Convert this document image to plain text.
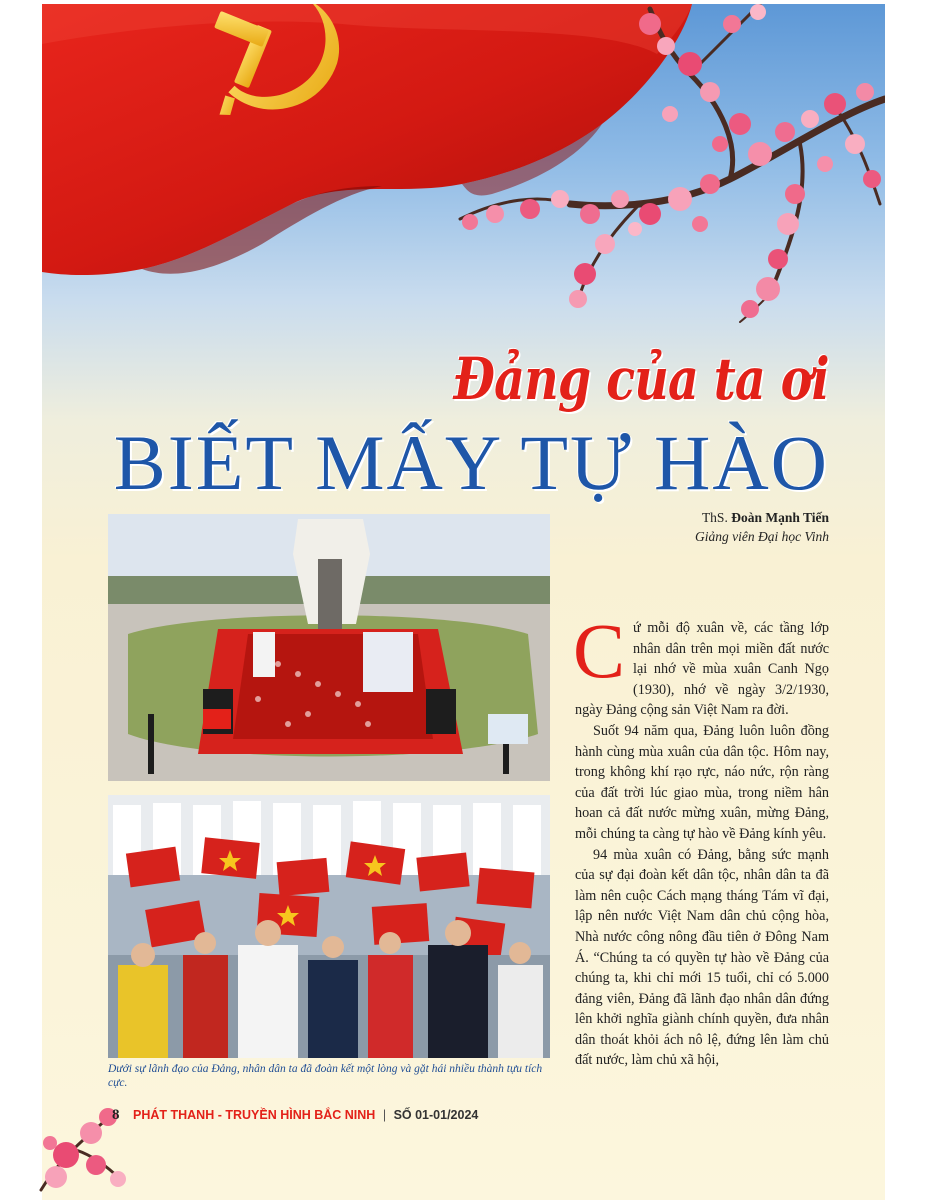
Đảng của ta ơi
BIẾT MẤY TỰ HÀO
ThS. Đoàn Mạnh Tiến
Giảng viên Đại học Vinh
Dưới sự lãnh đạo của Đảng, nhân dân ta đã đoàn kết một lòng và gặt hái nhiều thành tựu tích cực.

Cứ mỗi độ xuân về, các tầng lớp nhân dân trên mọi miền đất nước lại nhớ về mùa xuân Canh Ngọ (1930), nhớ về ngày 3/2/1930, ngày Đảng cộng sản Việt Nam ra đời.

Suốt 94 năm qua, Đảng luôn luôn đồng hành cùng mùa xuân của dân tộc. Hôm nay, trong không khí rạo rực, náo nức, rộn ràng của đất trời lúc giao mùa, trong niềm hân hoan cả đất nước mừng xuân, mừng Đảng, mỗi chúng ta càng tự hào về Đảng kính yêu.

94 mùa xuân có Đảng, bằng sức mạnh của sự đại đoàn kết dân tộc, nhân dân ta đã làm nên cuộc Cách mạng tháng Tám vĩ đại, lập nên nước Việt Nam dân chủ cộng hòa, Nhà nước công nông đầu tiên ở Đông Nam Á. “Chúng ta có quyền tự hào về Đảng của chúng ta, khi chỉ mới 15 tuổi, chỉ có 5.000 đảng viên, Đảng đã lãnh đạo nhân dân đứng lên khởi nghĩa giành chính quyền, đưa nhân dân thoát khỏi ách nô lệ, đứng lên làm chủ đất nước, làm chủ xã hội,

8 PHÁT THANH - TRUYỀN HÌNH BẮC NINH | SỐ 01-01/2024
